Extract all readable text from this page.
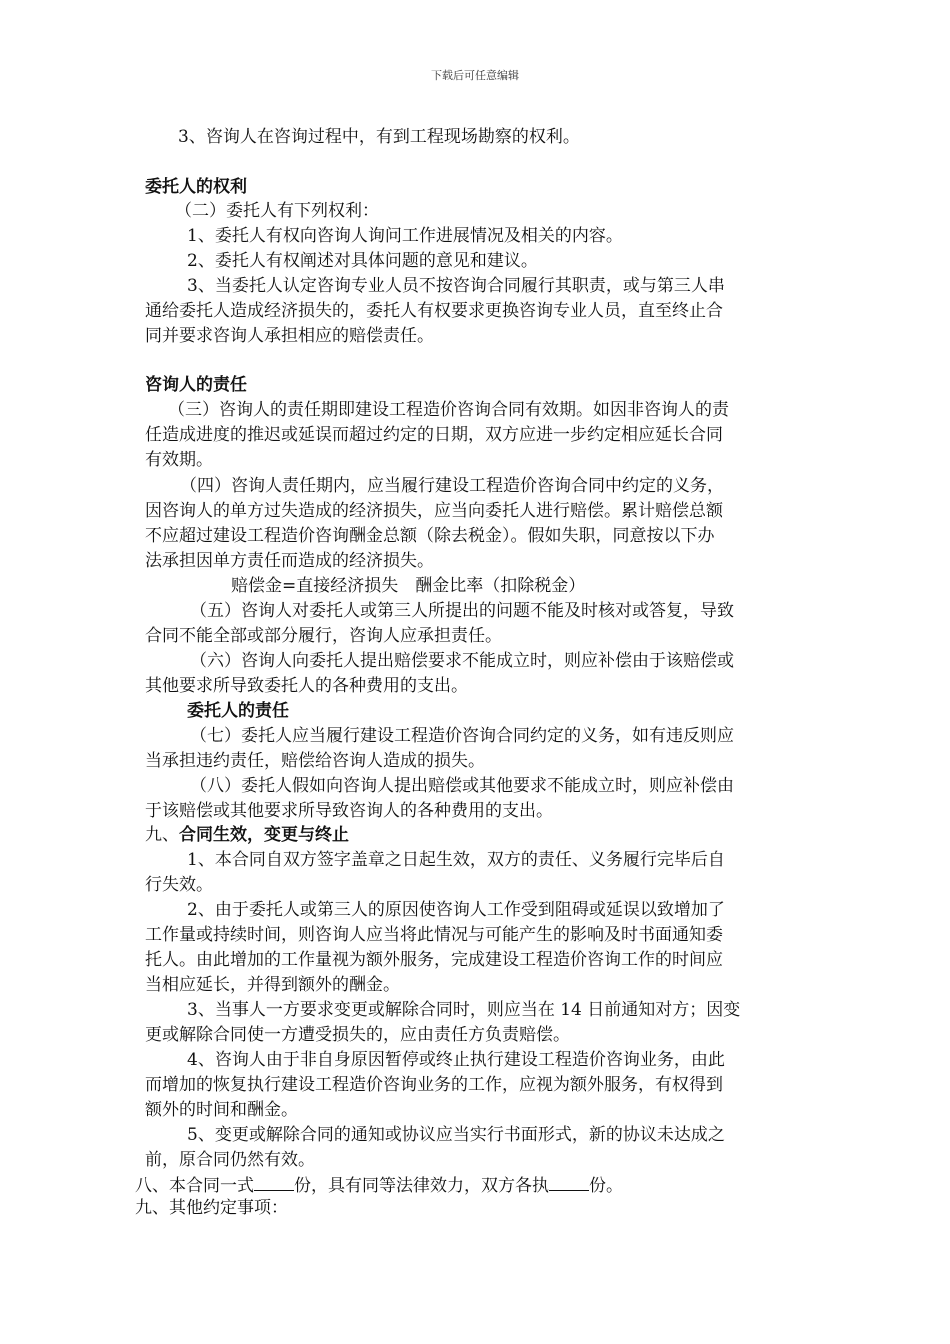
下载后可任意编辑
3、咨询人在咨询过程中，有到工程现场勘察的权利。
委托人的权利
（二）委托人有下列权利：
1、委托人有权向咨询人询问工作进展情况及相关的内容。
2、委托人有权阐述对具体问题的意见和建议。
3、当委托人认定咨询专业人员不按咨询合同履行其职责，或与第三人串
通给委托人造成经济损失的，委托人有权要求更换咨询专业人员，直至终止合
同并要求咨询人承担相应的赔偿责任。
咨询人的责任
（三）咨询人的责任期即建设工程造价咨询合同有效期。如因非咨询人的责
任造成进度的推迟或延误而超过约定的日期，双方应进一步约定相应延长合同
有效期。
（四）咨询人责任期内，应当履行建设工程造价咨询合同中约定的义务，
因咨询人的单方过失造成的经济损失，应当向委托人进行赔偿。累计赔偿总额
不应超过建设工程造价咨询酬金总额（除去税金）。假如失职，同意按以下办
法承担因单方责任而造成的经济损失。
赔偿金=直接经济损失　酬金比率（扣除税金）
（五）咨询人对委托人或第三人所提出的问题不能及时核对或答复，导致
合同不能全部或部分履行，咨询人应承担责任。
（六）咨询人向委托人提出赔偿要求不能成立时，则应补偿由于该赔偿或
其他要求所导致委托人的各种费用的支出。
委托人的责任
（七）委托人应当履行建设工程造价咨询合同约定的义务，如有违反则应
当承担违约责任，赔偿给咨询人造成的损失。
（八）委托人假如向咨询人提出赔偿或其他要求不能成立时，则应补偿由
于该赔偿或其他要求所导致咨询人的各种费用的支出。
九、合同生效，变更与终止
1、本合同自双方签字盖章之日起生效，双方的责任、义务履行完毕后自
行失效。
2、由于委托人或第三人的原因使咨询人工作受到阻碍或延误以致增加了
工作量或持续时间，则咨询人应当将此情况与可能产生的影响及时书面通知委
托人。由此增加的工作量视为额外服务，完成建设工程造价咨询工作的时间应
当相应延长，并得到额外的酬金。
3、当事人一方要求变更或解除合同时，则应当在 14 日前通知对方；因变
更或解除合同使一方遭受损失的，应由责任方负责赔偿。
4、咨询人由于非自身原因暂停或终止执行建设工程造价咨询业务，由此
而增加的恢复执行建设工程造价咨询业务的工作，应视为额外服务，有权得到
额外的时间和酬金。
5、变更或解除合同的通知或协议应当实行书面形式，新的协议未达成之
前，原合同仍然有效。
八、本合同一式 份，具有同等法律效力，双方各执 份。
九、其他约定事项：
